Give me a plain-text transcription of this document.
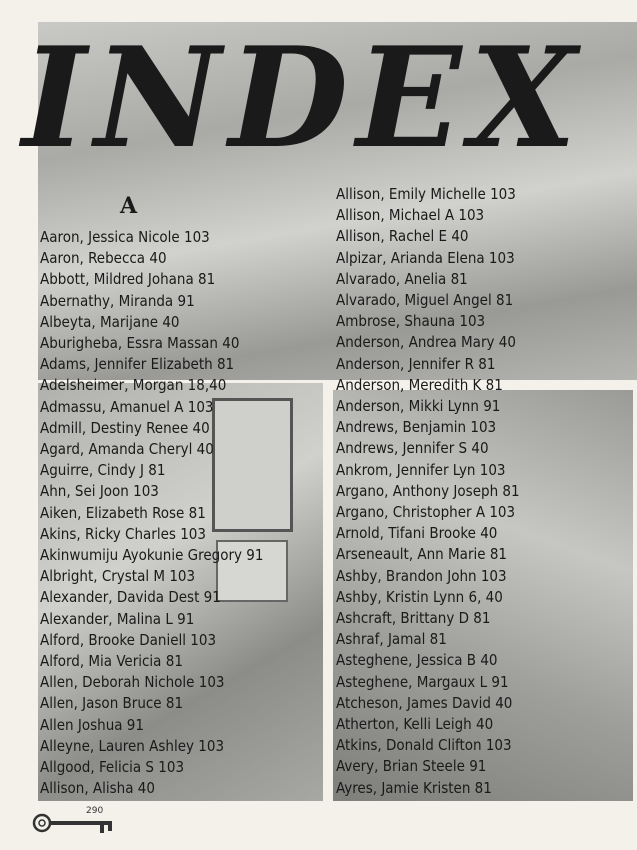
INDEX
A
Aaron, Jessica Nicole 103
Aaron, Rebecca 40
Abbott, Mildred Johana 81
Abernathy, Miranda 91
Albeyta, Marijane 40
Aburigheba, Essra Massan 40
Adams, Jennifer Elizabeth 81
Adelsheimer, Morgan 18,40
Admassu, Amanuel A 103
Admill, Destiny Renee 40
Agard, Amanda Cheryl 40
Aguirre, Cindy J 81
Ahn, Sei Joon 103
Aiken, Elizabeth Rose 81
Akins, Ricky Charles 103
Akinwumiju Ayokunie Gregory 91
Albright, Crystal M 103
Alexander, Davida Dest 91
Alexander, Malina L 91
Alford, Brooke Daniell 103
Alford, Mia Vericia 81
Allen, Deborah Nichole 103
Allen, Jason Bruce 81
Allen Joshua 91
Alleyne, Lauren Ashley 103
Allgood, Felicia S 103
Allison, Alisha 40
Allison, Emily Michelle 103
Allison, Michael A 103
Allison, Rachel E 40
Alpizar, Arianda Elena 103
Alvarado, Anelia 81
Alvarado, Miguel Angel 81
Ambrose, Shauna 103
Anderson, Andrea Mary 40
Anderson, Jennifer R 81
Anderson, Meredith K 81
Anderson, Mikki Lynn 91
Andrews, Benjamin 103
Andrews, Jennifer S 40
Ankrom, Jennifer Lyn 103
Argano, Anthony Joseph 81
Argano, Christopher A 103
Arnold, Tifani Brooke 40
Arseneault, Ann Marie 81
Ashby, Brandon John 103
Ashby, Kristin Lynn 6, 40
Ashcraft, Brittany D 81
Ashraf, Jamal 81
Asteghene, Jessica B 40
Asteghene, Margaux L 91
Atcheson, James David 40
Atherton, Kelli Leigh 40
Atkins, Donald Clifton 103
Avery, Brian Steele 91
Ayres, Jamie Kristen 81
290
